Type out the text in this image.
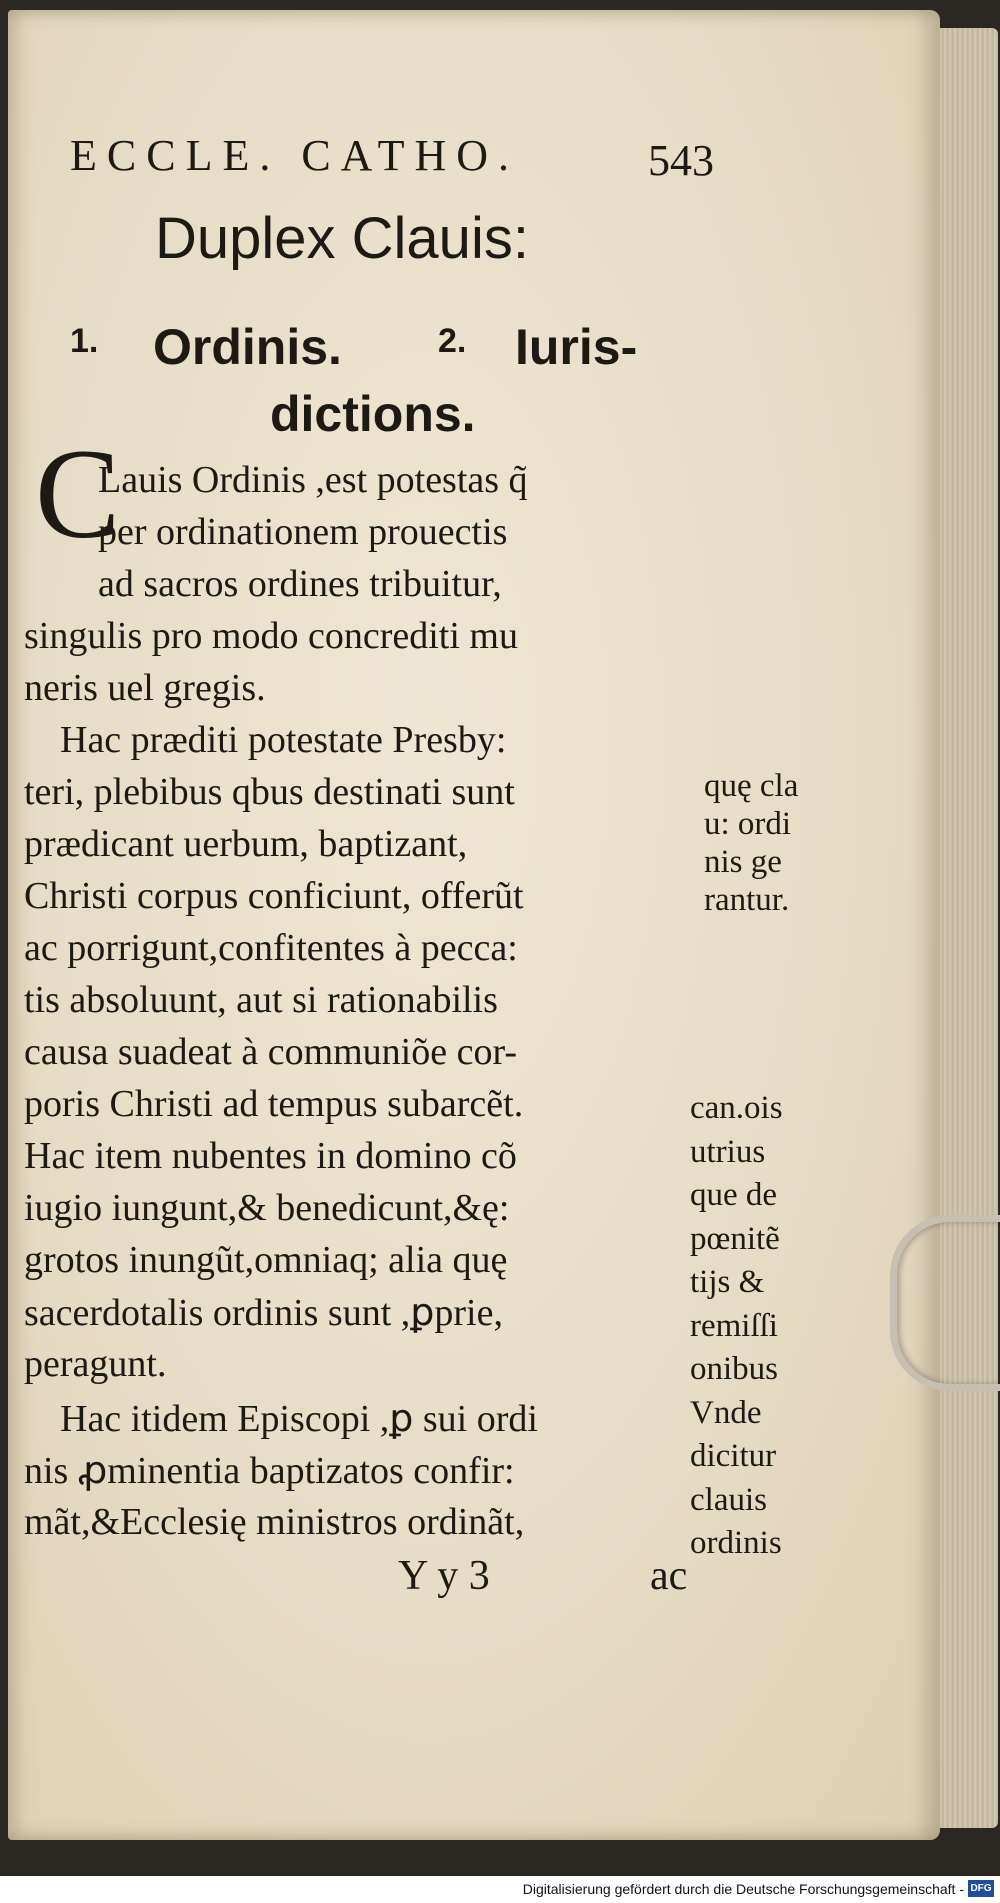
ECCLE. CATHO.	543

Duplex Clauis:

1. Ordinis.	2. Iuris-

dictions.

C

Lauis Ordinis ,est potestas q̃

per ordinationem prouectis

ad sacros ordines tribuitur,

singulis pro modo concrediti mu

neris uel gregis.

Hac præditi potestate Presby:

teri, plebibus qbus destinati sunt

prædicant uerbum, baptizant,

Christi corpus conficiunt, offerũt

ac porrigunt,confitentes à pecca:

tis absoluunt, aut si rationabilis

causa suadeat à communiõe cor-

poris Christi ad tempus subarcẽt.

Hac item nubentes in domino cõ

iugio iungunt,& benedicunt,&ę:

grotos inungũt,omniaq; alia quę

sacerdotalis ordinis sunt ,ꝑprie,

peragunt.

Hac itidem Episcopi ,ꝑ sui ordi

nis ꝓminentia baptizatos confir:

mãt,&Ecclesię ministros ordinãt,

quę cla

u: ordi

nis ge

rantur.

can.ois

utrius

que de

pœnitẽ

tijs &

remiſſi

onibus

Vnde

dicitur

clauis

ordinis

Y y 3	ac

Digitalisierung gefördert durch die Deutsche Forschungsgemeinschaft - DFG
